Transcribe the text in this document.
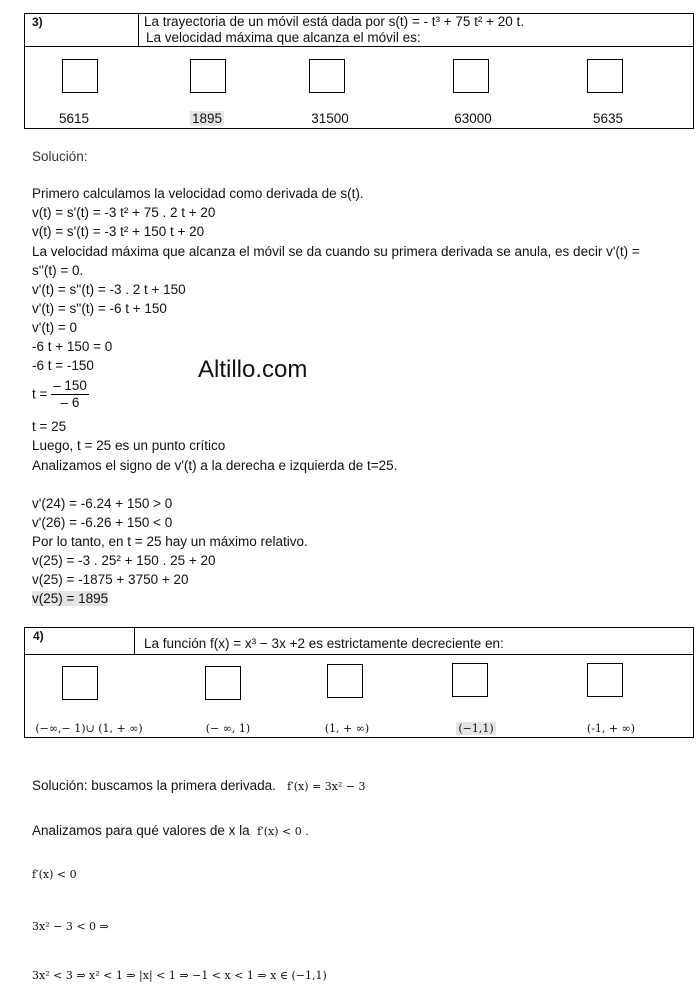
3)	La trayectoria de un móvil está dada por s(t) = - t³ + 75 t² + 20 t.
La velocidad máxima que alcanza el móvil es:
5615	1895	31500	63000	5635
Solución:
Primero calculamos la velocidad como derivada de s(t).
v(t) = s'(t) = -3 t² + 75 . 2 t + 20
v(t) = s'(t) = -3 t² + 150 t + 20
La velocidad máxima que alcanza el móvil se da cuando su primera derivada se anula, es decir v'(t) =
s''(t) = 0.
v'(t) = s''(t) = -3 . 2 t + 150
v'(t) = s''(t) = -6 t + 150
v'(t) = 0
-6 t + 150 = 0
-6 t = -150
$t = \frac{- 150}{- 6}$
Altillo.com
t = 25
Luego, t = 25 es un punto crítico
Analizamos el signo de v'(t) a la derecha e izquierda de t=25.
v'(24) = -6.24 + 150 > 0
v'(26) = -6.26 + 150 < 0
Por lo tanto, en t = 25 hay un máximo relativo.
v(25) = -3 . 25² + 150 . 25 + 20
v(25) = -1875 + 3750 + 20
v(25) = 1895
4)	La función f(x) = x³ − 3x +2 es estrictamente decreciente en:
(−∞,− 1)∪ (1, + ∞)	(− ∞, 1)	(1, + ∞)	(−1,1)	(-1, + ∞)
Solución: buscamos la primera derivada. f′(x) = 3x² − 3
Analizamos para qué valores de x la f′(x) < 0 .
f′(x) < 0
3x² − 3 < 0 ⇒
3x² < 3 ⇒ x² < 1 ⇒ |x| < 1 ⇒ −1 < x < 1 ⇒ x ∈ (−1,1)
